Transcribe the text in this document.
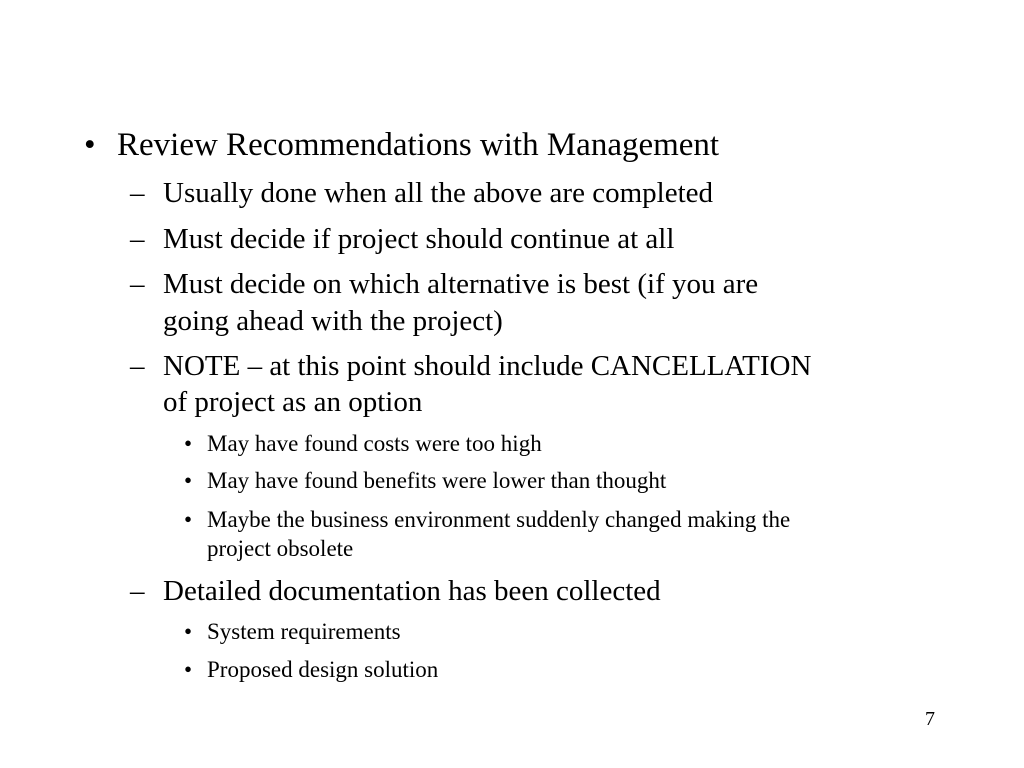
• Review Recommendations with Management
– Usually done when all the above are completed
– Must decide if project should continue at all
– Must decide on which alternative is best (if you are
going ahead with the project)
– NOTE – at this point should include CANCELLATION
of project as an option
• May have found costs were too high
• May have found benefits were lower than thought
• Maybe the business environment suddenly changed making the
project obsolete
– Detailed documentation has been collected
• System requirements
• Proposed design solution
7
